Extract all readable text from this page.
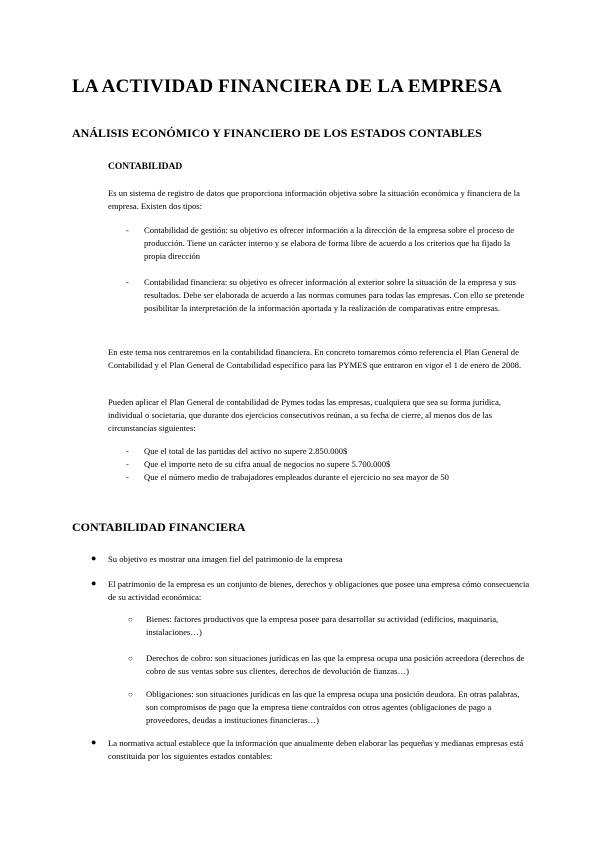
LA ACTIVIDAD FINANCIERA DE LA EMPRESA
ANÁLISIS ECONÓMICO Y FINANCIERO DE LOS ESTADOS CONTABLES
CONTABILIDAD
Es un sistema de registro de datos que proporciona información objetiva sobre la situación económica y financiera de la empresa. Existen dos tipos:
- Contabilidad de gestión: su objetivo es ofrecer información a la dirección de la empresa sobre el proceso de producción. Tiene un carácter interno y se elabora de forma libre de acuerdo a los criterios que ha fijado la propia dirección
- Contabilidad financiera: su objetivo es ofrecer información al exterior sobre la situación de la empresa y sus resultados. Debe ser elaborada de acuerdo a las normas comunes para todas las empresas. Con ello se pretende posibilitar la interpretación de la información aportada y la realización de comparativas entre empresas.
En este tema nos centraremos en la contabilidad financiera. En concreto tomaremos cómo referencia el Plan General de Contabilidad y el Plan General de Contabilidad específico para las PYMES que entraron en vigor el 1 de enero de 2008.
Pueden aplicar el Plan General de contabilidad de Pymes todas las empresas, cualquiera que sea su forma jurídica, individual o societaria, que durante dos ejercicios consecutivos reúnan, a su fecha de cierre, al menos dos de las circunstancias siguientes:
- Que el total de las partidas del activo no supere 2.850.000$
- Que el importe neto de su cifra anual de negocios no supere 5.700.000$
- Que el número medio de trabajadores empleados durante el ejercicio no sea mayor de 50
CONTABILIDAD FINANCIERA
● Su objetivo es mostrar una imagen fiel del patrimonio de la empresa
● El patrimonio de la empresa es un conjunto de bienes, derechos y obligaciones que posee una empresa cómo consecuencia de su actividad económica:
○ Bienes: factores productivos que la empresa posee para desarrollar su actividad (edificios, maquinaria, instalaciones…)
○ Derechos de cobro: son situaciones jurídicas en las que la empresa ocupa una posición acreedora (derechos de cobro de sus ventas sobre sus clientes, derechos de devolución de fianzas…)
○ Obligaciones: son situaciones jurídicas en las que la empresa ocupa una posición deudora. En otras palabras, son compromisos de pago que la empresa tiene contraídos con otros agentes (obligaciones de pago a proveedores, deudas a instituciones financieras…)
● La normativa actual establece que la información que anualmente deben elaborar las pequeñas y medianas empresas está constituida por los siguientes estados contables:
